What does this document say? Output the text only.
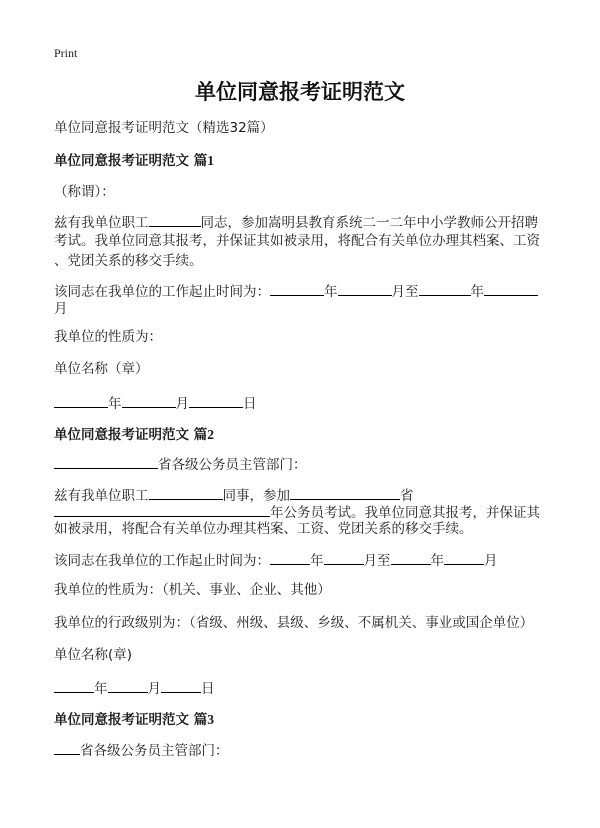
Print
单位同意报考证明范文
单位同意报考证明范文（精选32篇）
单位同意报考证明范文 篇1
（称谓）：
兹有我单位职工	同志，参加嵩明县教育系统二一二年中小学教师公开招聘
考试。我单位同意其报考，并保证其如被录用，将配合有关单位办理其档案、工资
、党团关系的移交手续。
该同志在我单位的工作起止时间为：	年	月至	年
月
我单位的性质为：
单位名称（章）
年	月	日
单位同意报考证明范文 篇2
省各级公务员主管部门：
兹有我单位职工	同事，参加	省
年公务员考试。我单位同意其报考，并保证其
如被录用，将配合有关单位办理其档案、工资、党团关系的移交手续。
该同志在我单位的工作起止时间为：	年	月至	年	月
我单位的性质为：（机关、事业、企业、其他）
我单位的行政级别为：（省级、州级、县级、乡级、不属机关、事业或国企单位）
单位名称(章)
年	月	日
单位同意报考证明范文 篇3
省各级公务员主管部门：
